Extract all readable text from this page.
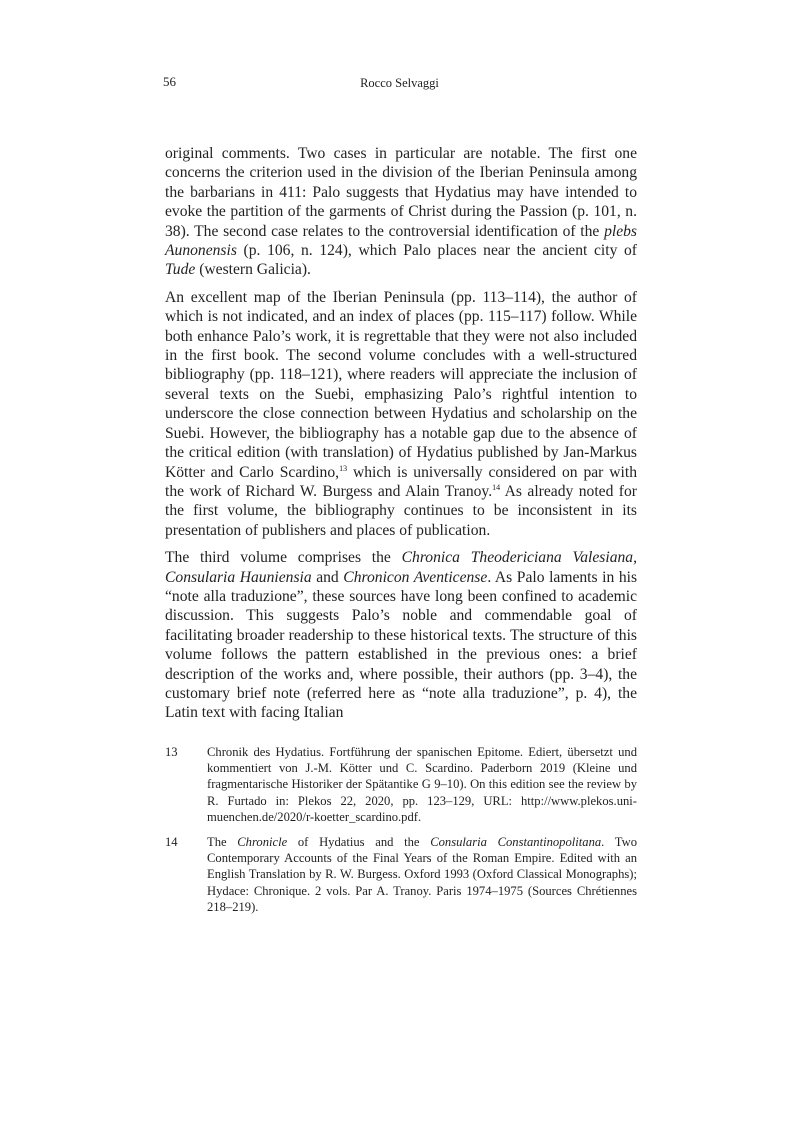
56	Rocco Selvaggi

original comments. Two cases in particular are notable. The first one concerns the criterion used in the division of the Iberian Peninsula among the barbarians in 411: Palo suggests that Hydatius may have intended to evoke the partition of the garments of Christ during the Passion (p. 101, n. 38). The second case relates to the controversial identification of the plebs Aunonensis (p. 106, n. 124), which Palo places near the ancient city of Tude (western Galicia).

An excellent map of the Iberian Peninsula (pp. 113–114), the author of which is not indicated, and an index of places (pp. 115–117) follow. While both enhance Palo’s work, it is regrettable that they were not also included in the first book. The second volume concludes with a well-structured bibliography (pp. 118–121), where readers will appreciate the inclusion of several texts on the Suebi, emphasizing Palo’s rightful intention to underscore the close connection between Hydatius and scholarship on the Suebi. However, the bibliography has a notable gap due to the absence of the critical edition (with translation) of Hydatius published by Jan-Markus Kötter and Carlo Scardino,$^{13}$ which is universally considered on par with the work of Richard W. Burgess and Alain Tranoy.$^{14}$ As already noted for the first volume, the bibliography continues to be inconsistent in its presentation of publishers and places of publication.

The third volume comprises the Chronica Theodericiana Valesiana, Consularia Hauniensia and Chronicon Aventicense. As Palo laments in his “note alla traduzione”, these sources have long been confined to academic discussion. This suggests Palo’s noble and commendable goal of facilitating broader readership to these historical texts. The structure of this volume follows the pattern established in the previous ones: a brief description of the works and, where possible, their authors (pp. 3–4), the customary brief note (referred here as “note alla traduzione”, p. 4), the Latin text with facing Italian

13	Chronik des Hydatius. Fortführung der spanischen Epitome. Ediert, übersetzt und kommentiert von J.-M. Kötter und C. Scardino. Paderborn 2019 (Kleine und fragmentarische Historiker der Spätantike G 9–10). On this edition see the review by R. Furtado in: Plekos 22, 2020, pp. 123–129, URL: http://www.plekos.uni-muenchen.de/2020/r-koetter_scardino.pdf.
14	The Chronicle of Hydatius and the Consularia Constantinopolitana. Two Contemporary Accounts of the Final Years of the Roman Empire. Edited with an English Translation by R. W. Burgess. Oxford 1993 (Oxford Classical Monographs); Hydace: Chronique. 2 vols. Par A. Tranoy. Paris 1974–1975 (Sources Chrétiennes 218–219).
